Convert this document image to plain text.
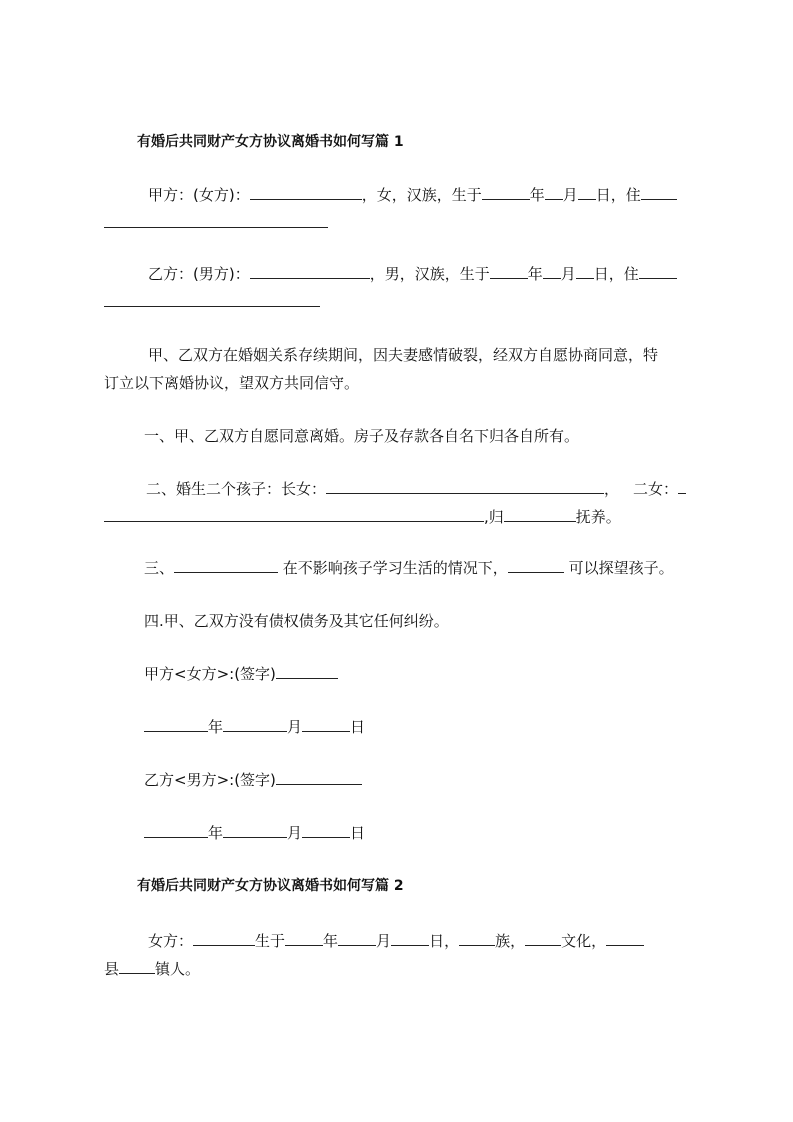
有婚后共同财产女方协议离婚书如何写篇 1
甲方：(女方)：	，女，汉族，生于	年 月 日，住
乙方：(男方)：	，男，汉族，生于	年 月 日，住
甲、乙双方在婚姻关系存续期间，因夫妻感情破裂，经双方自愿协商同意，特
订立以下离婚协议，望双方共同信守。
一、甲、乙双方自愿同意离婚。房子及存款各自名下归各自所有。
二、婚生二个孩子：长女：	， 二女：
,归	抚养。
三、	在不影响孩子学习生活的情况下，	可以探望孩子。
四.甲、乙双方没有债权债务及其它任何纠纷。
甲方<女方>:(签字)
年	月	日
乙方<男方>:(签字)
年	月	日
有婚后共同财产女方协议离婚书如何写篇 2
女方：	生于	年	月	日， 族， 文化，
县 镇人。
